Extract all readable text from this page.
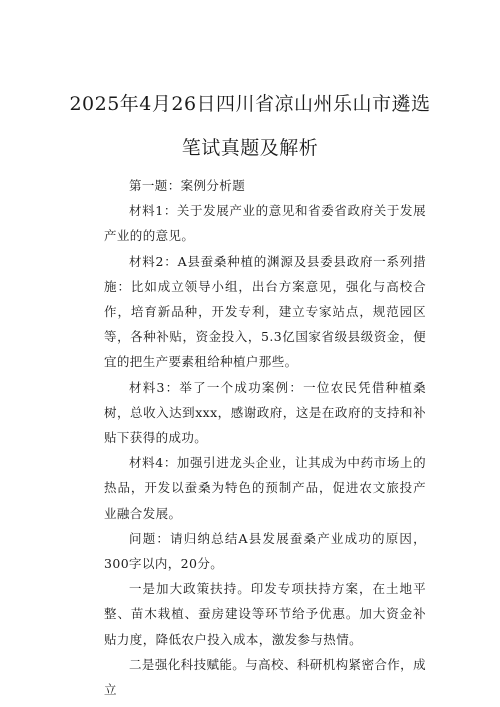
2025年4月26日四川省凉山州乐山市遴选
笔试真题及解析

第一题：案例分析题

材料1：关于发展产业的意见和省委省政府关于发展产业的的意见。

材料2：A县蚕桑种植的渊源及县委县政府一系列措施：比如成立领导小组，出台方案意见，强化与高校合作，培育新品种，开发专利，建立专家站点，规范园区等，各种补贴，资金投入，5.3亿国家省级县级资金，便宜的把生产要素租给种植户那些。

材料3：举了一个成功案例：一位农民凭借种植桑树，总收入达到xxx，感谢政府，这是在政府的支持和补贴下获得的成功。

材料4：加强引进龙头企业，让其成为中药市场上的热品，开发以蚕桑为特色的预制产品，促进农文旅投产业融合发展。

问题：请归纳总结A县发展蚕桑产业成功的原因，300字以内，20分。

一是加大政策扶持。印发专项扶持方案，在土地平整、苗木栽植、蚕房建设等环节给予优惠。加大资金补贴力度，降低农户投入成本，激发参与热情。

二是强化科技赋能。与高校、科研机构紧密合作，成立
